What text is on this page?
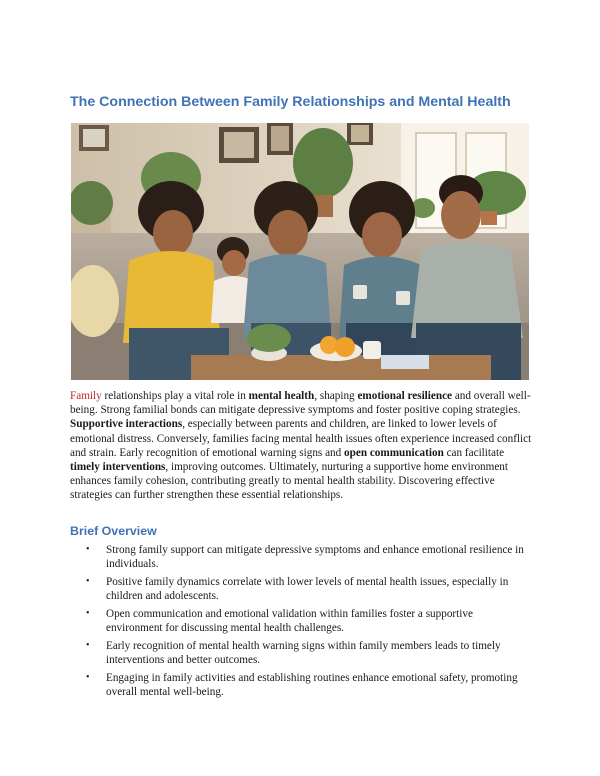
The Connection Between Family Relationships and Mental Health

Family relationships play a vital role in mental health, shaping emotional resilience and overall well-being. Strong familial bonds can mitigate depressive symptoms and foster positive coping strategies. Supportive interactions, especially between parents and children, are linked to lower levels of emotional distress. Conversely, families facing mental health issues often experience increased conflict and strain. Early recognition of emotional warning signs and open communication can facilitate timely interventions, improving outcomes. Ultimately, nurturing a supportive home environment enhances family cohesion, contributing greatly to mental health stability. Discovering effective strategies can further strengthen these essential relationships.

Brief Overview
• Strong family support can mitigate depressive symptoms and enhance emotional resilience in individuals.
• Positive family dynamics correlate with lower levels of mental health issues, especially in children and adolescents.
• Open communication and emotional validation within families foster a supportive environment for discussing mental health challenges.
• Early recognition of mental health warning signs within family members leads to timely interventions and better outcomes.
• Engaging in family activities and establishing routines enhance emotional safety, promoting overall mental well-being.
